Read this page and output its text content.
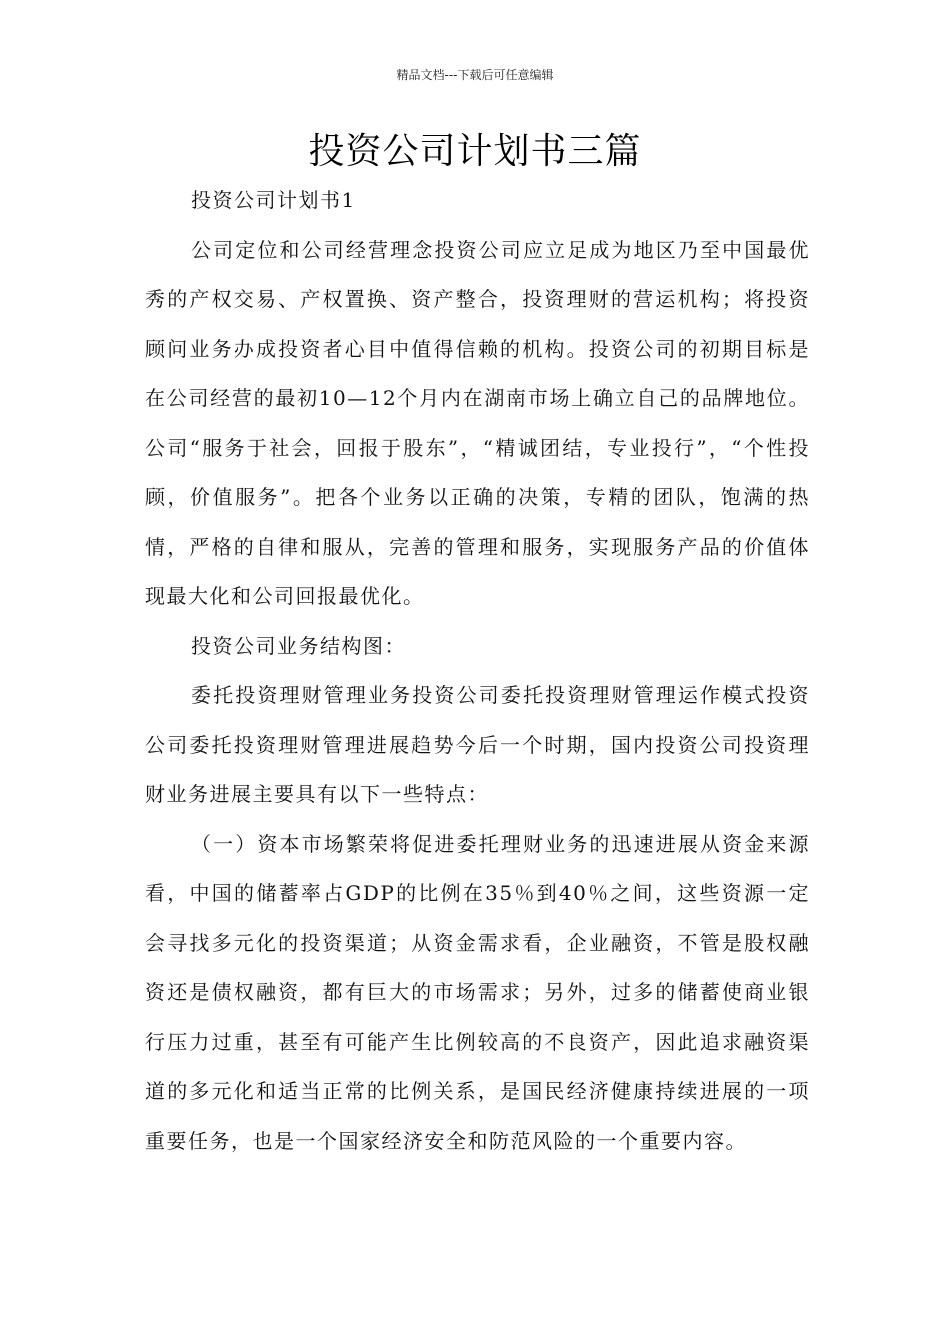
精品文档---下载后可任意编辑
投资公司计划书三篇

投资公司计划书1

公司定位和公司经营理念投资公司应立足成为地区乃至中国最优秀的产权交易、产权置换、资产整合，投资理财的营运机构；将投资顾问业务办成投资者心目中值得信赖的机构。投资公司的初期目标是在公司经营的最初10—12个月内在湖南市场上确立自己的品牌地位。公司“服务于社会，回报于股东”，“精诚团结，专业投行”，“个性投顾，价值服务”。把各个业务以正确的决策，专精的团队，饱满的热情，严格的自律和服从，完善的管理和服务，实现服务产品的价值体现最大化和公司回报最优化。

投资公司业务结构图：

委托投资理财管理业务投资公司委托投资理财管理运作模式投资公司委托投资理财管理进展趋势今后一个时期，国内投资公司投资理财业务进展主要具有以下一些特点：

（一）资本市场繁荣将促进委托理财业务的迅速进展从资金来源看，中国的储蓄率占GDP的比例在35％到40％之间，这些资源一定会寻找多元化的投资渠道；从资金需求看，企业融资，不管是股权融资还是债权融资，都有巨大的市场需求；另外，过多的储蓄使商业银行压力过重，甚至有可能产生比例较高的不良资产，因此追求融资渠道的多元化和适当正常的比例关系，是国民经济健康持续进展的一项重要任务，也是一个国家经济安全和防范风险的一个重要内容。
